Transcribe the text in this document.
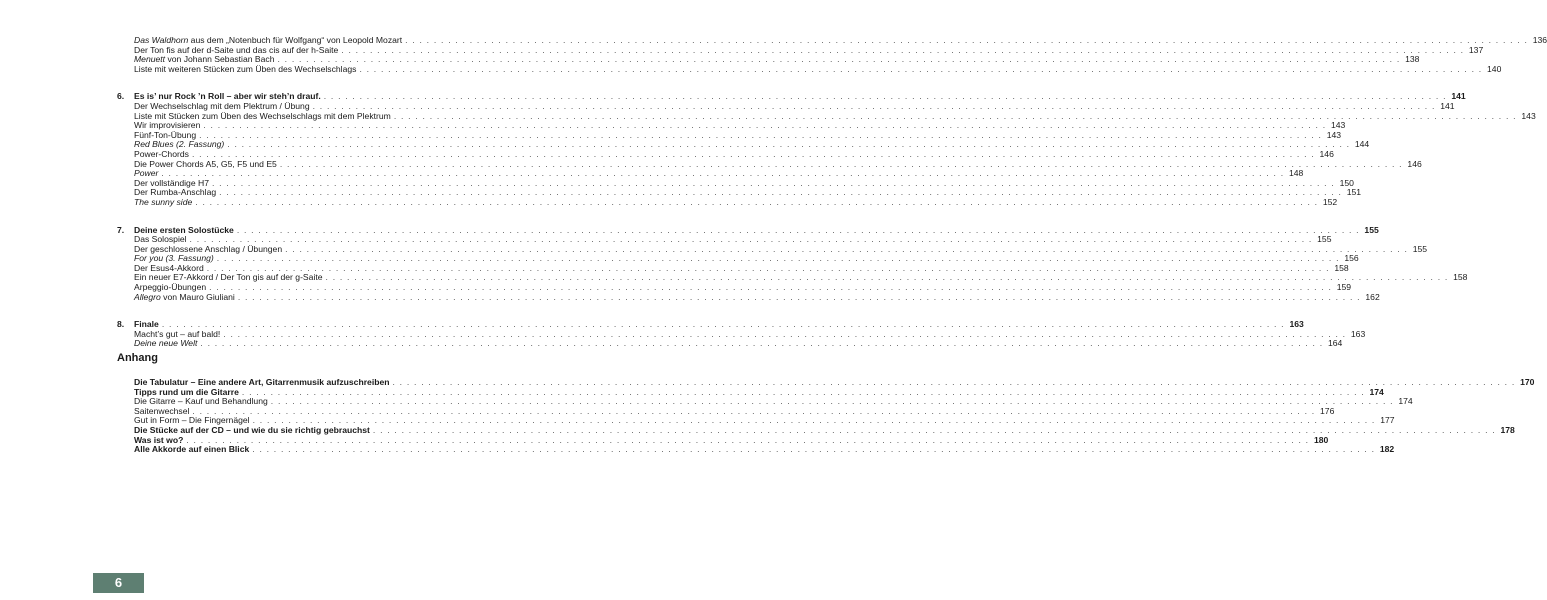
Das Waldhorn aus dem „Notenbuch für Wolfgang“ von Leopold Mozart . . .	136
Der Ton fis auf der d-Saite und das cis auf der h-Saite . . .	137
Menuett von Johann Sebastian Bach . . .	138
Liste mit weiteren Stücken zum Üben des Wechselschlags . . .	140
6.	Es is’ nur Rock ’n Roll – aber wir steh’n drauf. . . .	141
Der Wechselschlag mit dem Plektrum / Übung . . .	141
Liste mit Stücken zum Üben des Wechselschlags mit dem Plektrum . . .	143
Wir improvisieren . . .	143
Fünf-Ton-Übung . . .	143
Red Blues (2. Fassung) . . .	144
Power-Chords . . .	146
Die Power Chords A5, G5, F5 und E5 . . .	146
Power . . .	148
Der vollständige H7 . . .	150
Der Rumba-Anschlag . . .	151
The sunny side . . .	152
7.	Deine ersten Solostücke . . .	155
Das Solospiel . . .	155
Der geschlossene Anschlag / Übungen . . .	155
For you (3. Fassung) . . .	156
Der Esus4-Akkord . . .	158
Ein neuer E7-Akkord / Der Ton gis auf der g-Saite . . .	158
Arpeggio-Übungen . . .	159
Allegro von Mauro Giuliani . . .	162
8.	Finale . . .	163
Macht’s gut – auf bald! . . .	163
Deine neue Welt . . .	164
Anhang
Die Tabulatur – Eine andere Art, Gitarrenmusik aufzuschreiben . . .	170
Tipps rund um die Gitarre . . .	174
Die Gitarre – Kauf und Behandlung . . .	174
Saitenwechsel . . .	176
Gut in Form – Die Fingernägel . . .	177
Die Stücke auf der CD – und wie du sie richtig gebrauchst . . .	178
Was ist wo? . . .	180
Alle Akkorde auf einen Blick . . .	182
6
